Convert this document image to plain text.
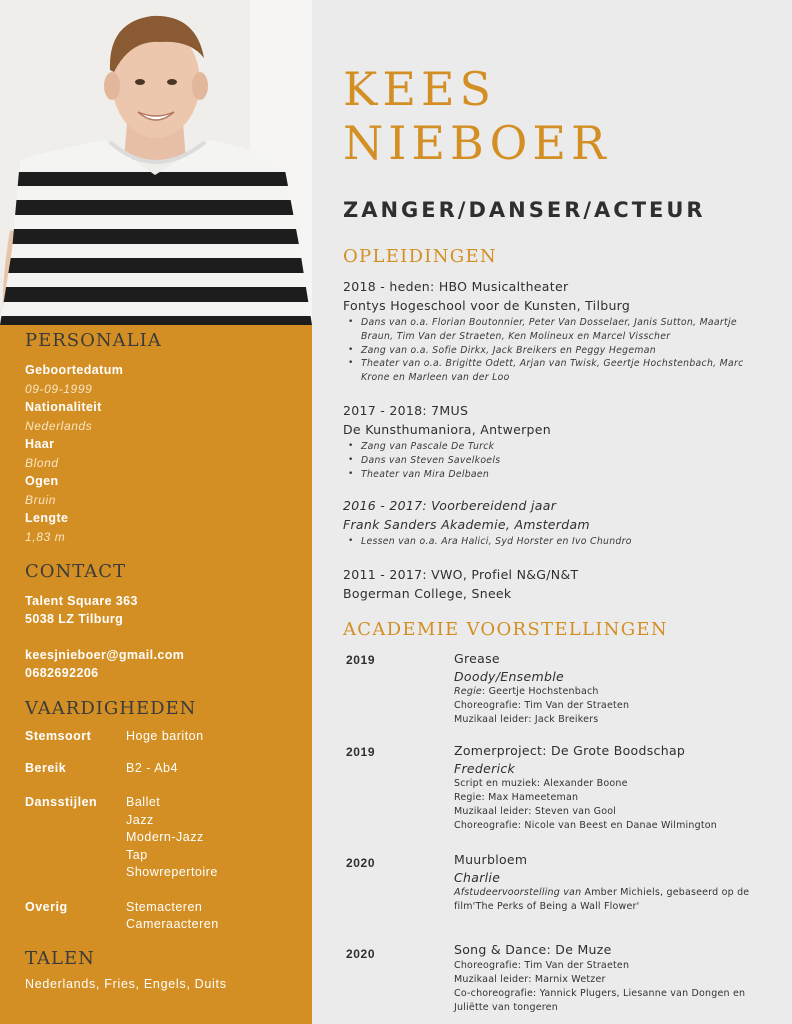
PERSONALIA
Geboortedatum
09-09-1999
Nationaliteit
Nederlands
Haar
Blond
Ogen
Bruin
Lengte
1,83 m
CONTACT
Talent Square 363
5038 LZ Tilburg
keesjnieboer@gmail.com
0682692206
VAARDIGHEDEN
Stemsoort	Hoge bariton
Bereik	B2 - Ab4
Dansstijlen	Ballet
Jazz
Modern-Jazz
Tap
Showrepertoire
Overig	Stemacteren
Cameraacteren
TALEN
Nederlands, Fries, Engels, Duits
KEES
NIEBOER
ZANGER/DANSER/ACTEUR
OPLEIDINGEN
2018 - heden: HBO Musicaltheater
Fontys Hogeschool voor de Kunsten, Tilburg
• Dans van o.a. Florian Boutonnier, Peter Van Dosselaer, Janis Sutton, Maartje Braun, Tim Van der Straeten, Ken Molineux en Marcel Visscher
• Zang van o.a. Sofie Dirkx, Jack Breikers en Peggy Hegeman
• Theater van o.a. Brigitte Odett, Arjan van Twisk, Geertje Hochstenbach, Marc Krone en Marleen van der Loo
2017 - 2018: 7MUS
De Kunsthumaniora, Antwerpen
• Zang van Pascale De Turck
• Dans van Steven Savelkoels
• Theater van Mira Delbaen
2016 - 2017: Voorbereidend jaar
Frank Sanders Akademie, Amsterdam
• Lessen van o.a. Ara Halici, Syd Horster en Ivo Chundro
2011 - 2017: VWO, Profiel N&G/N&T
Bogerman College, Sneek
ACADEMIE VOORSTELLINGEN
2019	Grease
Doody/Ensemble
Regie: Geertje Hochstenbach
Choreografie: Tim Van der Straeten
Muzikaal leider: Jack Breikers
2019	Zomerproject: De Grote Boodschap
Frederick
Script en muziek: Alexander Boone
Regie: Max Hameeteman
Muzikaal leider: Steven van Gool
Choreografie: Nicole van Beest en Danae Wilmington
2020	Muurbloem
Charlie
Afstudeervoorstelling van Amber Michiels, gebaseerd op de film'The Perks of Being a Wall Flower'
2020	Song & Dance: De Muze
Choreografie: Tim Van der Straeten
Muzikaal leider: Marnix Wetzer
Co-choreografie: Yannick Plugers, Liesanne van Dongen en Juliëtte van tongeren
